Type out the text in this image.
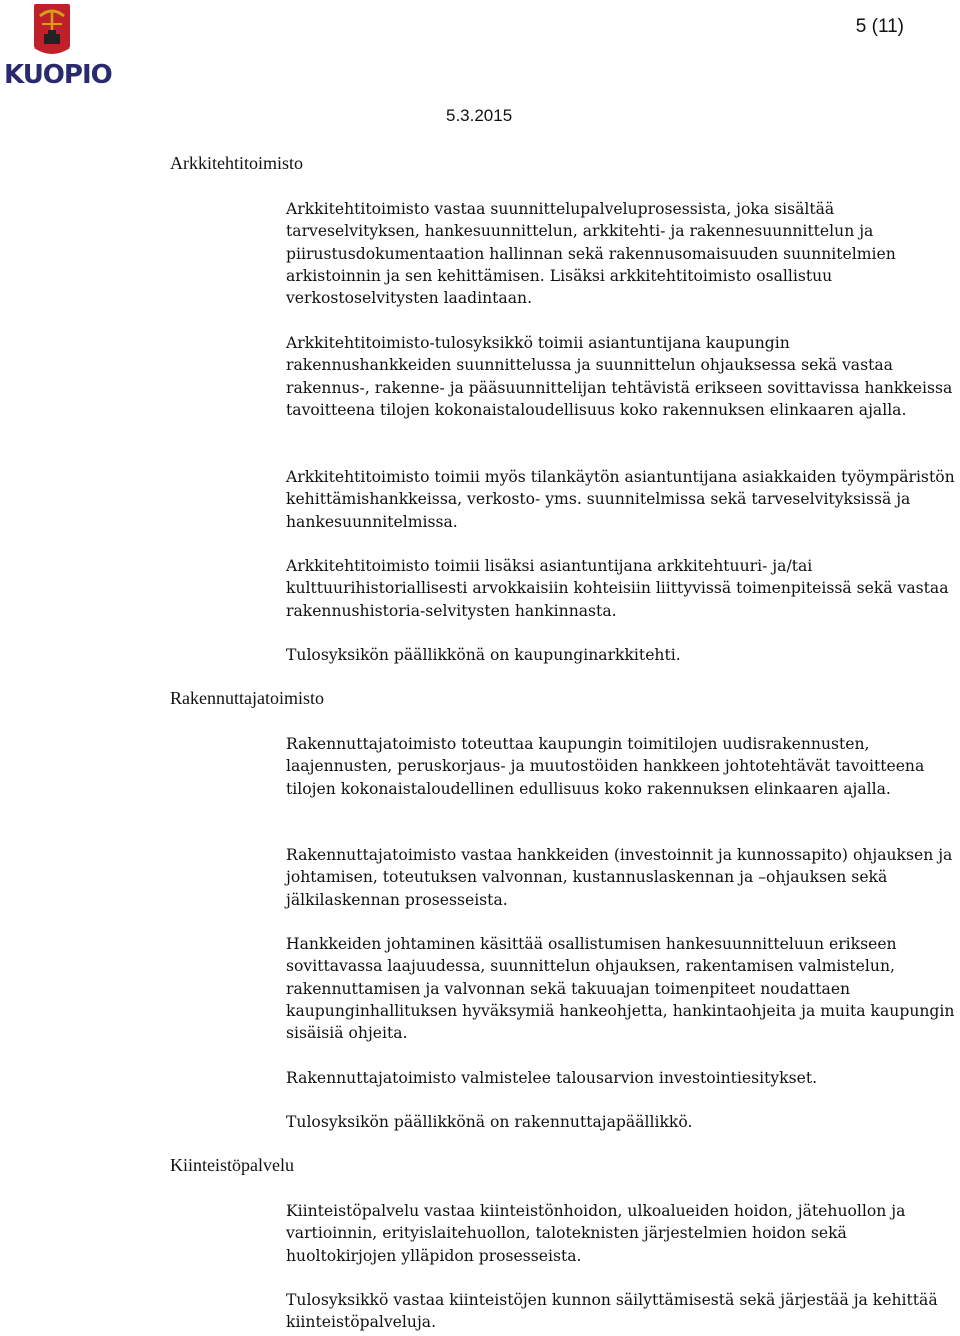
KUOPIO
5 (11)
5.3.2015
Arkkitehtitoimisto

Arkkitehtitoimisto vastaa suunnittelupalveluprosessista, joka sisältää tarveselvityksen, hankesuunnittelun, arkkitehti- ja rakennesuunnittelun ja piirustusdokumentaation hallinnan sekä rakennusomaisuuden suunnitelmien arkistoinnin ja sen kehittämisen. Lisäksi arkkitehtitoimisto osallistuu verkostoselvitysten laadintaan.

Arkkitehtitoimisto-tulosyksikkö toimii asiantuntijana kaupungin rakennushankkeiden suunnittelussa ja suunnittelun ohjauksessa sekä vastaa rakennus-, rakenne- ja pääsuunnittelijan tehtävistä erikseen sovittavissa hankkeissa tavoitteena tilojen kokonaistaloudellisuus koko rakennuksen elinkaaren ajalla.

Arkkitehtitoimisto toimii myös tilankäytön asiantuntijana asiakkaiden työympäristön kehittämishankkeissa, verkosto- yms. suunnitelmissa sekä tarveselvityksissä ja hankesuunnitelmissa.

Arkkitehtitoimisto toimii lisäksi asiantuntijana arkkitehtuuri- ja/tai kulttuurihistoriallisesti arvokkaisiin kohteisiin liittyvissä toimenpiteissä sekä vastaa rakennushistoria-selvitysten hankinnasta.

Tulosyksikön päällikkönä on kaupunginarkkitehti.

Rakennuttajatoimisto

Rakennuttajatoimisto toteuttaa kaupungin toimitilojen uudisrakennusten, laajennusten, peruskorjaus- ja muutostöiden hankkeen johtotehtävät tavoitteena tilojen kokonaistaloudellinen edullisuus koko rakennuksen elinkaaren ajalla.

Rakennuttajatoimisto vastaa hankkeiden (investoinnit ja kunnossapito) ohjauksen ja johtamisen, toteutuksen valvonnan, kustannuslaskennan ja –ohjauksen sekä jälkilaskennan prosesseista.

Hankkeiden johtaminen käsittää osallistumisen hankesuunnitteluun erikseen sovittavassa laajuudessa, suunnittelun ohjauksen, rakentamisen valmistelun, rakennuttamisen ja valvonnan sekä takuuajan toimenpiteet noudattaen kaupunginhallituksen hyväksymiä hankeohjetta, hankintaohjeita ja muita kaupungin sisäisiä ohjeita.

Rakennuttajatoimisto valmistelee talousarvion investointiesitykset.

Tulosyksikön päällikkönä on rakennuttajapäällikkö.

Kiinteistöpalvelu

Kiinteistöpalvelu vastaa kiinteistönhoidon, ulkoalueiden hoidon, jätehuollon ja vartioinnin, erityislaitehuollon, taloteknisten järjestelmien hoidon sekä huoltokirjojen ylläpidon prosesseista.

Tulosyksikkö vastaa kiinteistöjen kunnon säilyttämisestä sekä järjestää ja kehittää kiinteistöpalveluja.
